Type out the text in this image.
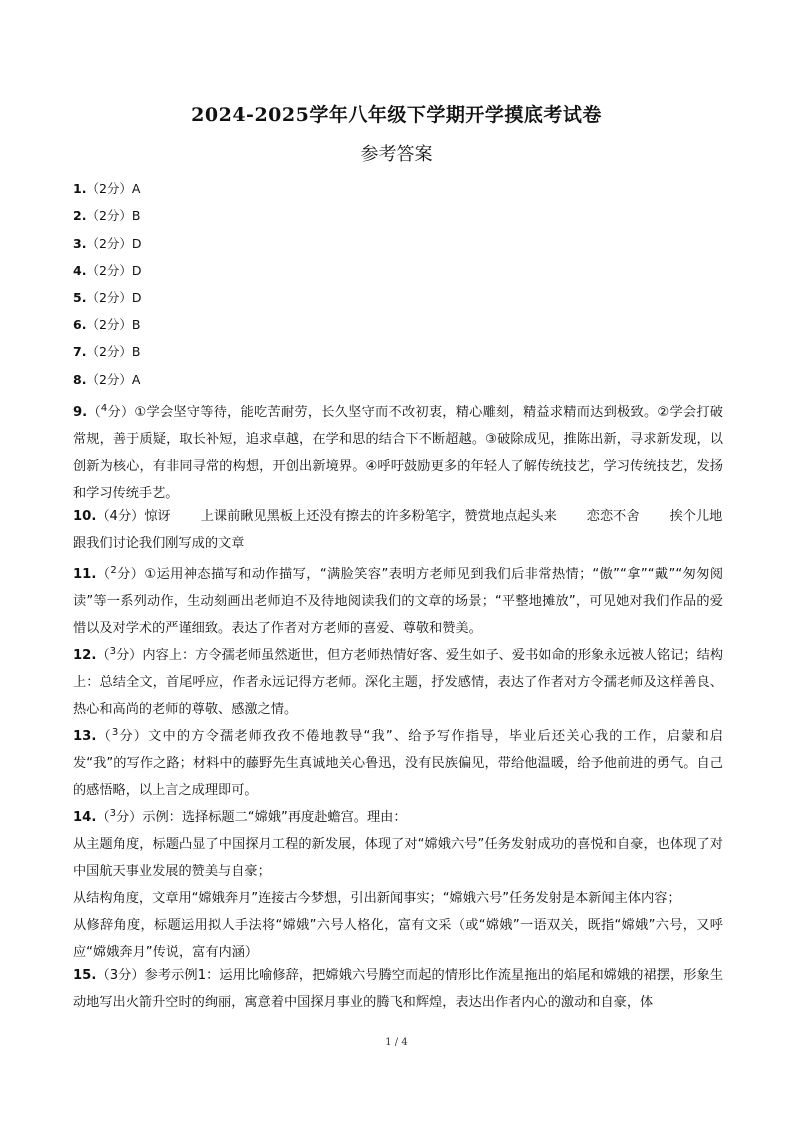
2024-2025学年八年级下学期开学摸底考试卷
参考答案
1.（2分）A
2.（2分）B
3.（2分）D
4.（2分）D
5.（2分）D
6.（2分）B
7.（2分）B
8.（2分）A
9.（$^4$分）①学会坚守等待，能吃苦耐劳，长久坚守而不改初衷，精心雕刻，精益求精而达到极致。②学会打破常规，善于质疑，取长补短，追求卓越，在学和思的结合下不断超越。③破除成见，推陈出新，寻求新发现，以创新为核心，有非同寻常的构想，开创出新境界。④呼吁鼓励更多的年轻人了解传统技艺，学习传统技艺，发扬和学习传统手艺。
10.（4分）惊讶 上课前瞅见黑板上还没有擦去的许多粉笔字，赞赏地点起头来 恋恋不舍 挨个儿地跟我们讨论我们刚写成的文章
11.（$^2$分）①运用神态描写和动作描写，“满脸笑容”表明方老师见到我们后非常热情；“傲”“拿”“戴”“匆匆阅读”等一系列动作，生动刻画出老师迫不及待地阅读我们的文章的场景；“平整地摊放”，可见她对我们作品的爱惜以及对学术的严谨细致。表达了作者对方老师的喜爱、尊敬和赞美。
12.（$^3$分）内容上：方令孺老师虽然逝世，但方老师热情好客、爱生如子、爱书如命的形象永远被人铭记；结构上：总结全文，首尾呼应，作者永远记得方老师。深化主题，抒发感情，表达了作者对方令孺老师及这样善良、热心和高尚的老师的尊敬、感激之情。
13.（$^3$分）文中的方令孺老师孜孜不倦地教导“我”、给予写作指导，毕业后还关心我的工作，启蒙和启发“我”的写作之路；材料中的藤野先生真诚地关心鲁迅，没有民族偏见，带给他温暖，给予他前进的勇气。自己的感悟略，以上言之成理即可。
14.（$^3$分）示例：选择标题二“嫦娥”再度赴蟾宫。理由：
从主题角度，标题凸显了中国探月工程的新发展，体现了对“嫦娥六号”任务发射成功的喜悦和自豪，也体现了对中国航天事业发展的赞美与自豪；
从结构角度，文章用“嫦娥奔月”连接古今梦想，引出新闻事实；“嫦娥六号”任务发射是本新闻主体内容；
从修辞角度，标题运用拟人手法将“嫦娥”六号人格化，富有文采（或“嫦娥”一语双关，既指“嫦娥”六号，又呼应“嫦娥奔月”传说，富有内涵）
15.（3分）参考示例1：运用比喻修辞，把嫦娥六号腾空而起的情形比作流星拖出的焰尾和嫦娥的裙摆，形象生动地写出火箭升空时的绚丽，寓意着中国探月事业的腾飞和辉煌，表达出作者内心的激动和自豪，体
1 / 4
